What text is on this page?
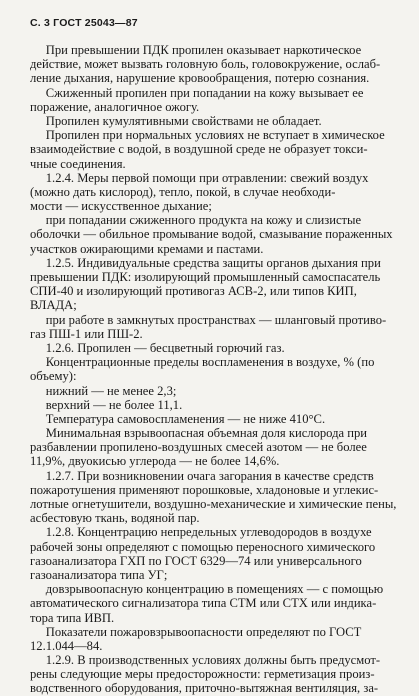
С. 3 ГОСТ 25043—87
При превышении ПДК пропилен оказывает наркотическое
действие, может вызвать головную боль, головокружение, ослаб-
ление дыхания, нарушение кровообращения, потерю сознания.
Сжиженный пропилен при попадании на кожу вызывает ее
поражение, аналогичное ожогу.
Пропилен кумулятивными свойствами не обладает.
Пропилен при нормальных условиях не вступает в химическое
взаимодействие с водой, в воздушной среде не образует токси-
чные соединения.
1.2.4. Меры первой помощи при отравлении: свежий воздух
(можно дать кислород), тепло, покой, в случае необходи-
мости — искусственное дыхание;
при попадании сжиженного продукта на кожу и слизистые
оболочки — обильное промывание водой, смазывание пораженных
участков ожирающими кремами и пастами.
1.2.5. Индивидуальные средства защиты органов дыхания при
превышении ПДК: изолирующий промышленный самоспасатель
СПИ-40 и изолирующий противогаз АСВ-2, или типов КИП,
ВЛАДА;
при работе в замкнутых пространствах — шланговый противо-
газ ПШ-1 или ПШ-2.
1.2.6. Пропилен — бесцветный горючий газ.
Концентрационные пределы воспламенения в воздухе, % (по
объему):
нижний — не менее 2,3;
верхний — не более 11,1.
Температура самовоспламенения — не ниже 410°С.
Минимальная взрывоопасная объемная доля кислорода при
разбавлении пропилено-воздушных смесей азотом — не более
11,9%, двуокисью углерода — не более 14,6%.
1.2.7. При возникновении очага загорания в качестве средств
пожаротушения применяют порошковые, хладоновые и углекис-
лотные огнетушители, воздушно-механические и химические пены,
асбестовую ткань, водяной пар.
1.2.8. Концентрацию непредельных углеводородов в воздухе
рабочей зоны определяют с помощью переносного химического
газоанализатора ГХП по ГОСТ 6329—74 или универсального
газоанализатора типа УГ;
довзрывоопасную концентрацию в помещениях — с помощью
автоматического сигнализатора типа СТМ или СТХ или индика-
тора типа ИВП.
Показатели пожаровзрывоопасности определяют по ГОСТ
12.1.044—84.
1.2.9. В производственных условиях должны быть предусмот-
рены следующие меры предосторожности: герметизация произ-
водственного оборудования, приточно-вытяжная вентиляция, за-
